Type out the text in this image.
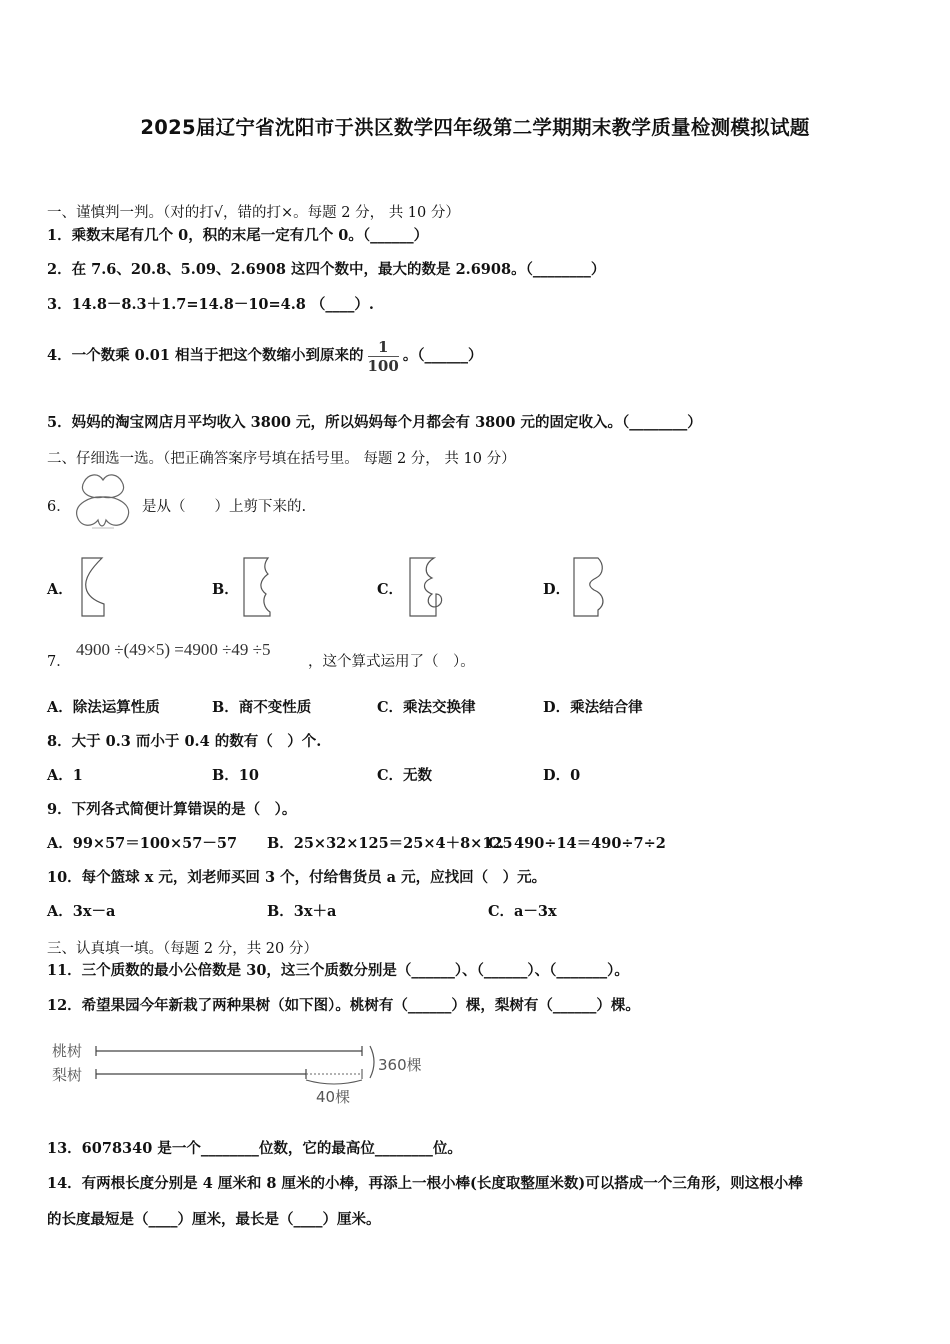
2025届辽宁省沈阳市于洪区数学四年级第二学期期末教学质量检测模拟试题
一、谨慎判一判。（对的打√，错的打×。每题 2 分， 共 10 分）
1．乘数末尾有几个 0，积的末尾一定有几个 0。（______）
2．在 7.6、20.8、5.09、2.6908 这四个数中，最大的数是 2.6908。（________）
3．14.8－8.3＋1.7=14.8－10=4.8 （____）.
4．一个数乘 0.01 相当于把这个数缩小到原来的 $\frac{1}{100}$ 。（______）
5．妈妈的淘宝网店月平均收入 3800 元，所以妈妈每个月都会有 3800 元的固定收入。（________）
二、仔细选一选。（把正确答案序号填在括号里。 每题 2 分， 共 10 分）
6．	是从（　　）上剪下来的.
A．	B．	C．	D．
7．
4900 ÷(49×5) =4900 ÷49 ÷5
，这个算式运用了（　）。
A．除法运算性质	B．商不变性质	C．乘法交换律	D．乘法结合律
8．大于 0.3 而小于 0.4 的数有（　）个.
A．1	B．10	C．无数	D．0
9．下列各式简便计算错误的是（　）。
A．99×57＝100×57－57 B．25×32×125＝25×4＋8×125
C．490÷14＝490÷7÷2
10．每个篮球 x 元，刘老师买回 3 个，付给售货员 a 元，应找回（　）元。
A．3x－a	B．3x＋a	C．a－3x
三、认真填一填。（每题 2 分，共 20 分）
11．三个质数的最小公倍数是 30，这三个质数分别是（______）、（______）、（_______）。
12．希望果园今年新栽了两种果树（如下图）。桃树有（______）棵，梨树有（______）棵。
桃树
梨树
360棵
40棵
13．6078340 是一个________位数，它的最高位________位。
14．有两根长度分别是 4 厘米和 8 厘米的小棒，再添上一根小棒(长度取整厘米数)可以搭成一个三角形，则这根小棒
的长度最短是（____）厘米，最长是（____）厘米。
